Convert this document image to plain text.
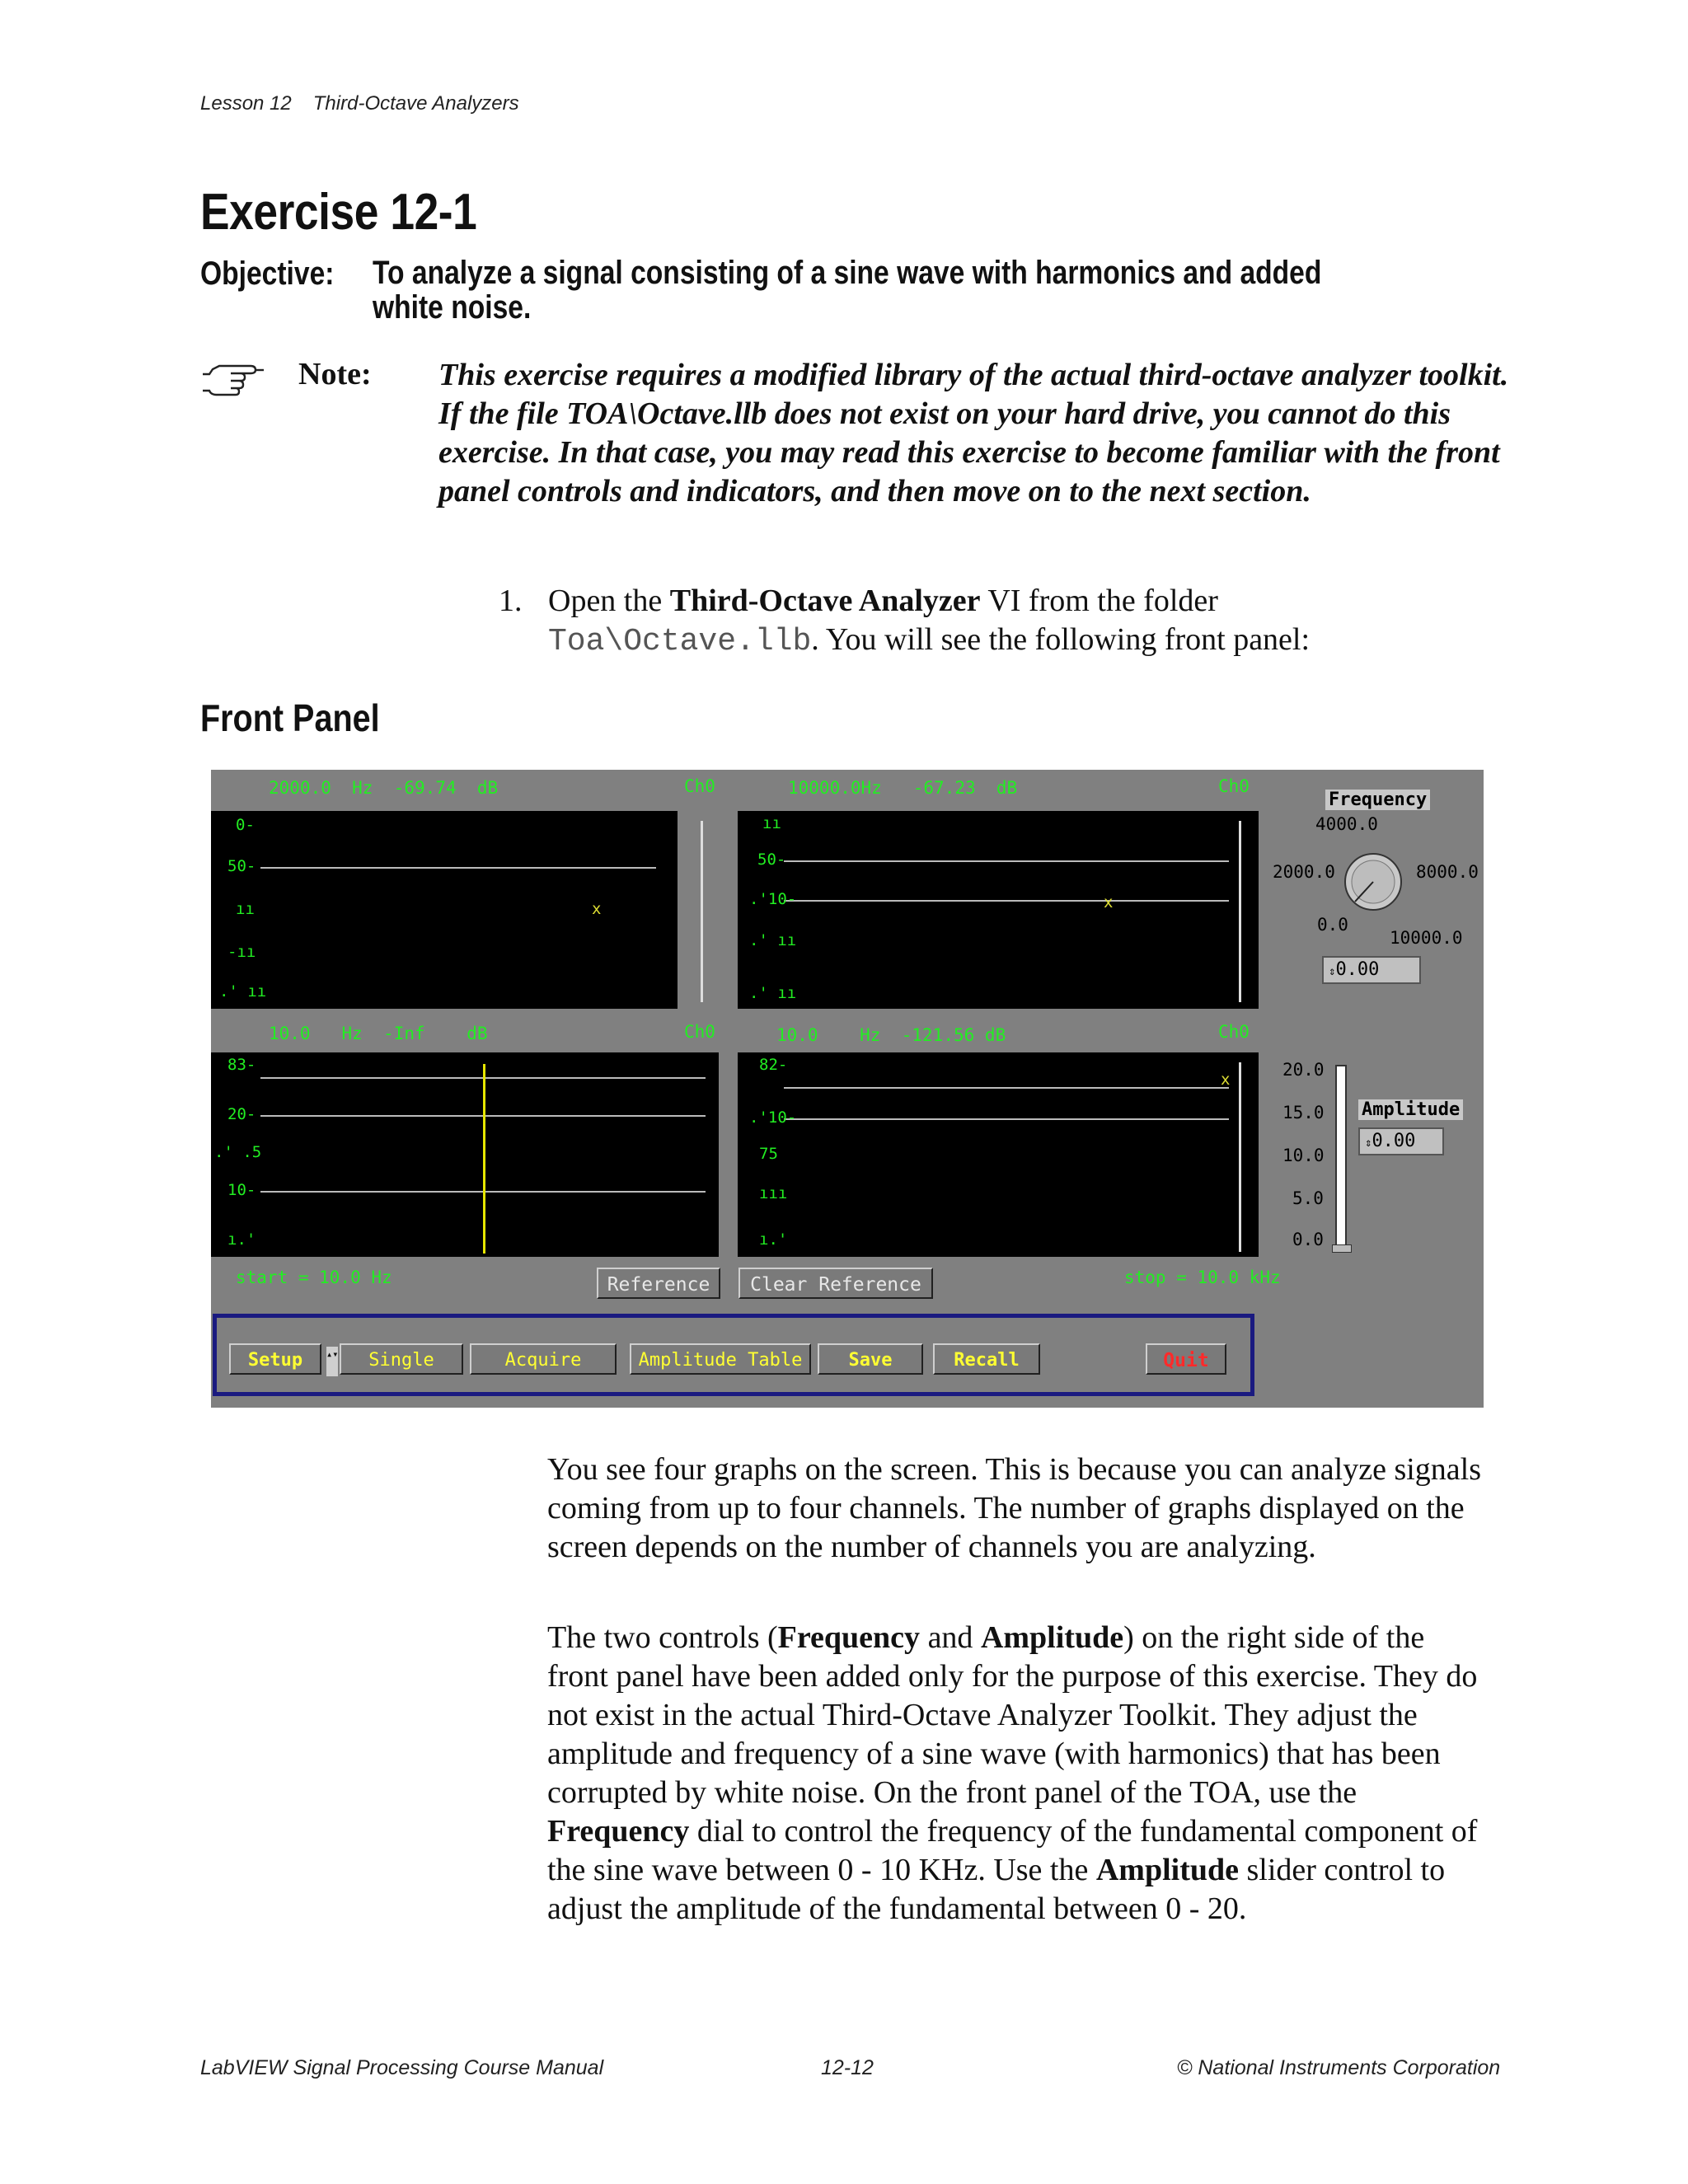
Lesson 12 Third-Octave Analyzers
Exercise 12-1
Objective: To analyze a signal consisting of a sine wave with harmonics and added white noise.
Note: This exercise requires a modified library of the actual third-octave analyzer toolkit. If the file TOA\Octave.llb does not exist on your hard drive, you cannot do this exercise. In that case, you may read this exercise to become familiar with the front panel controls and indicators, and then move on to the next section.
1. Open the Third-Octave Analyzer VI from the folder
Toa\Octave.llb. You will see the following front panel:
Front Panel
2000.0 Hz -69.74 dB	Ch0	10000.0Hz -67.23 dB	Ch0
10.0 Hz -Inf dB	Ch0	10.0 Hz -121.56 dB	Ch0
0-
50-
ıı
-ıı
.' ıı
x
ıı
50-
.'10-
.' ıı
.' ıı
x
83-
20-
.' .5
10-
ı.'
82-
.'10-
75
ııı
ı.'
x
Frequency
4000.0
2000.0	8000.0
0.0
10000.0
⇕0.00
20.0
15.0
10.0
5.0
0.0
Amplitude
⇕0.00
start = 10.0 Hz	stop = 10.0 kHz
Reference	Clear Reference
Setup	▴▾	Single	Acquire	Amplitude Table	Save	Recall	Quit
You see four graphs on the screen. This is because you can analyze signals coming from up to four channels. The number of graphs displayed on the screen depends on the number of channels you are analyzing.
The two controls (Frequency and Amplitude) on the right side of the front panel have been added only for the purpose of this exercise. They do not exist in the actual Third-Octave Analyzer Toolkit. They adjust the amplitude and frequency of a sine wave (with harmonics) that has been corrupted by white noise. On the front panel of the TOA, use the Frequency dial to control the frequency of the fundamental component of the sine wave between 0 - 10 KHz. Use the Amplitude slider control to adjust the amplitude of the fundamental between 0 - 20.
LabVIEW Signal Processing Course Manual	12-12	© National Instruments Corporation
